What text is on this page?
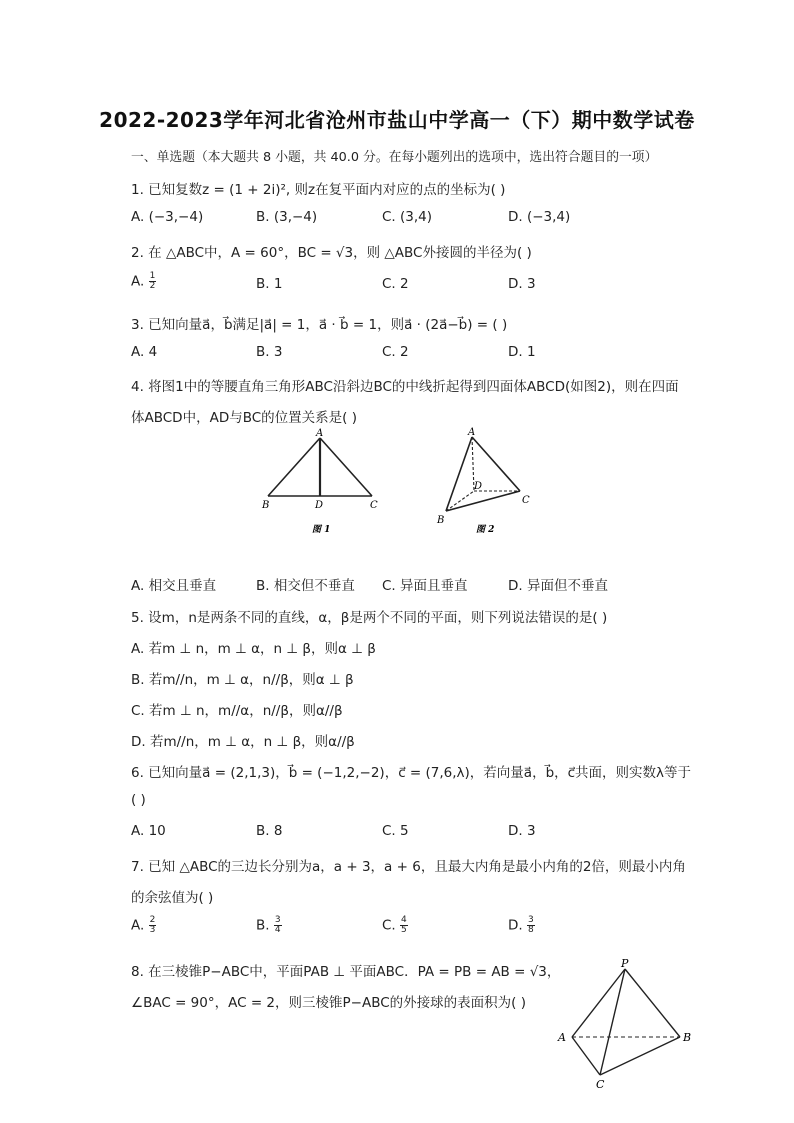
2022-2023学年河北省沧州市盐山中学高一（下）期中数学试卷
一、单选题（本大题共 8 小题，共 40.0 分。在每小题列出的选项中，选出符合题目的一项）
1. 已知复数z = (1 + 2i)², 则z在复平面内对应的点的坐标为( )
A. (−3,−4)	B. (3,−4)	C. (3,4)	D. (−3,4)
2. 在 △ABC中，A = 60°，BC = √3，则 △ABC外接圆的半径为( )
A. $\frac{1}{2}$	B. 1	C. 2	D. 3
3. 已知向量a⃗，b⃗满足|a⃗| = 1，a⃗ · b⃗ = 1，则a⃗ · (2a⃗−b⃗) = ( )
A. 4	B. 3	C. 2	D. 1
4. 将图1中的等腰直角三角形ABC沿斜边BC的中线折起得到四面体ABCD(如图2)，则在四面
体ABCD中，AD与BC的位置关系是( )
A
B	D	C
图 1
A
D
C
B
图 2
A. 相交且垂直	B. 相交但不垂直 C. 异面且垂直	D. 异面但不垂直
5. 设m，n是两条不同的直线，α，β是两个不同的平面，则下列说法错误的是( )
A. 若m ⊥ n，m ⊥ α，n ⊥ β，则α ⊥ β
B. 若m//n，m ⊥ α，n//β，则α ⊥ β
C. 若m ⊥ n，m//α，n//β，则α//β
D. 若m//n，m ⊥ α，n ⊥ β，则α//β
6. 已知向量a⃗ = (2,1,3)，b⃗ = (−1,2,−2)，c⃗ = (7,6,λ)，若向量a⃗，b⃗，c⃗共面，则实数λ等于
( )
A. 10	B. 8	C. 5	D. 3
7. 已知 △ABC的三边长分别为a，a + 3，a + 6，且最大内角是最小内角的2倍，则最小内角
的余弦值为( )
A. $\frac{2}{3}$	B. $\frac{3}{4}$	C. $\frac{4}{5}$	D. $\frac{3}{8}$
8. 在三棱锥P−ABC中，平面PAB ⊥ 平面ABC．PA = PB = AB = √3，
∠BAC = 90°，AC = 2，则三棱锥P−ABC的外接球的表面积为( )
P
A	B
C
